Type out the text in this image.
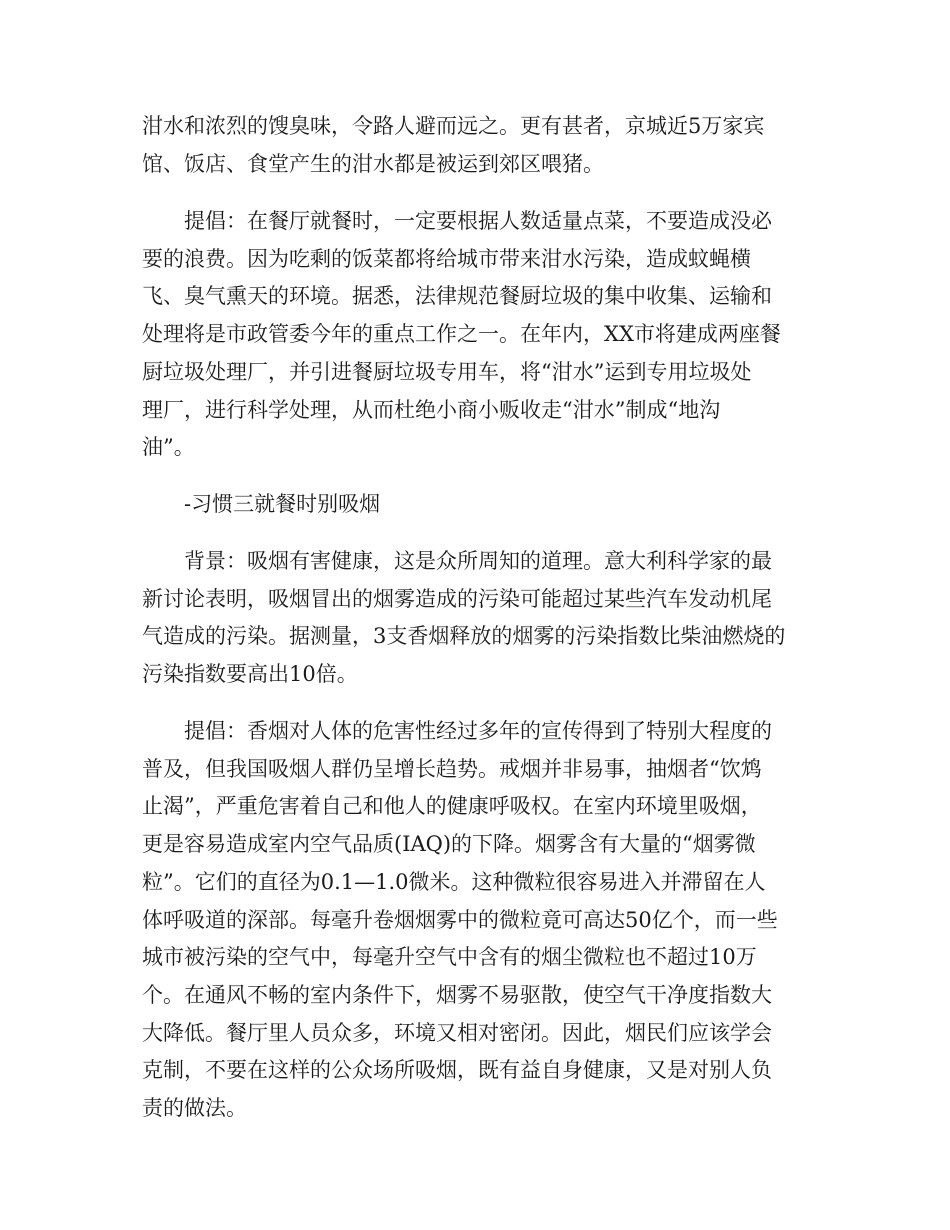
泔水和浓烈的馊臭味，令路人避而远之。更有甚者，京城近5万家宾

馆、饭店、食堂产生的泔水都是被运到郊区喂猪。

提倡：在餐厅就餐时，一定要根据人数适量点菜，不要造成没必

要的浪费。因为吃剩的饭菜都将给城市带来泔水污染，造成蚊蝇横

飞、臭气熏天的环境。据悉，法律规范餐厨垃圾的集中收集、运输和

处理将是市政管委今年的重点工作之一。在年内，XX市将建成两座餐

厨垃圾处理厂，并引进餐厨垃圾专用车，将“泔水”运到专用垃圾处

理厂，进行科学处理，从而杜绝小商小贩收走“泔水”制成“地沟

油”。

-习惯三就餐时别吸烟

背景：吸烟有害健康，这是众所周知的道理。意大利科学家的最

新讨论表明，吸烟冒出的烟雾造成的污染可能超过某些汽车发动机尾

气造成的污染。据测量，3支香烟释放的烟雾的污染指数比柴油燃烧的

污染指数要高出10倍。

提倡：香烟对人体的危害性经过多年的宣传得到了特别大程度的

普及，但我国吸烟人群仍呈增长趋势。戒烟并非易事，抽烟者“饮鸩

止渴”，严重危害着自己和他人的健康呼吸权。在室内环境里吸烟，

更是容易造成室内空气品质(IAQ)的下降。烟雾含有大量的“烟雾微

粒”。它们的直径为0.1—1.0微米。这种微粒很容易进入并滞留在人

体呼吸道的深部。每毫升卷烟烟雾中的微粒竟可高达50亿个，而一些

城市被污染的空气中，每毫升空气中含有的烟尘微粒也不超过10万

个。在通风不畅的室内条件下，烟雾不易驱散，使空气干净度指数大

大降低。餐厅里人员众多，环境又相对密闭。因此，烟民们应该学会

克制，不要在这样的公众场所吸烟，既有益自身健康，又是对别人负

责的做法。
